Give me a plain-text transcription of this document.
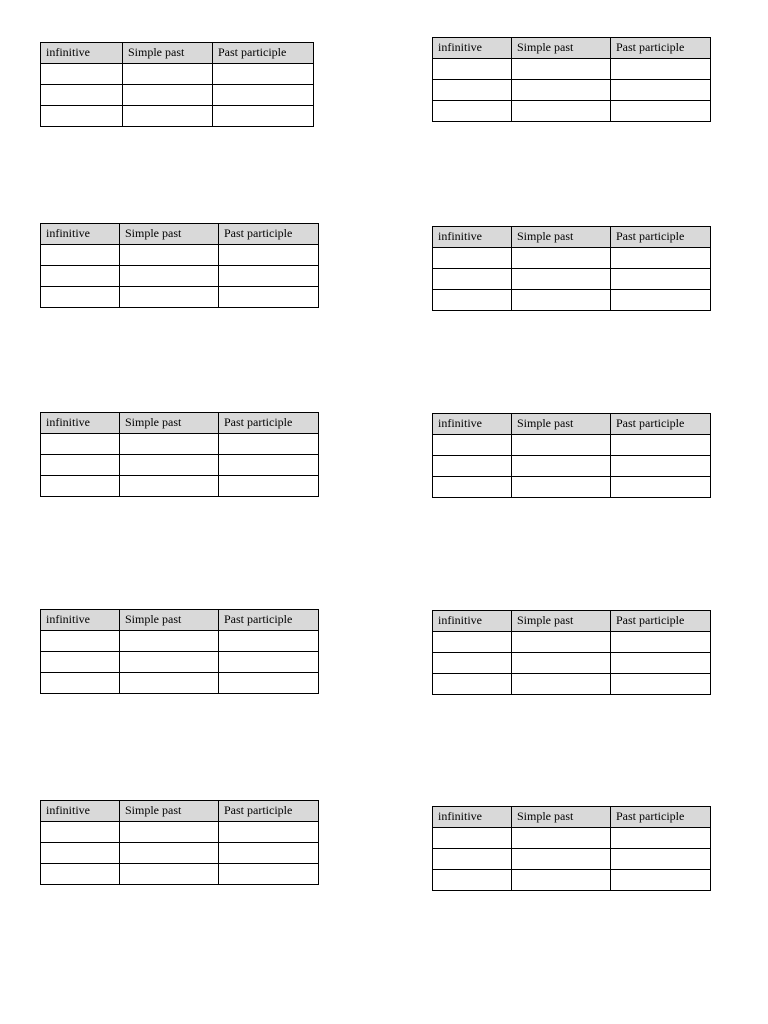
infinitive	Simple past	Past participle

			infinitive	Simple past	Past participle

infinitive	Simple past	Past participle

			infinitive	Simple past	Past participle

infinitive	Simple past	Past participle

			infinitive	Simple past	Past participle

infinitive	Simple past	Past participle

			infinitive	Simple past	Past participle

infinitive	Simple past	Past participle

			infinitive	Simple past	Past participle
